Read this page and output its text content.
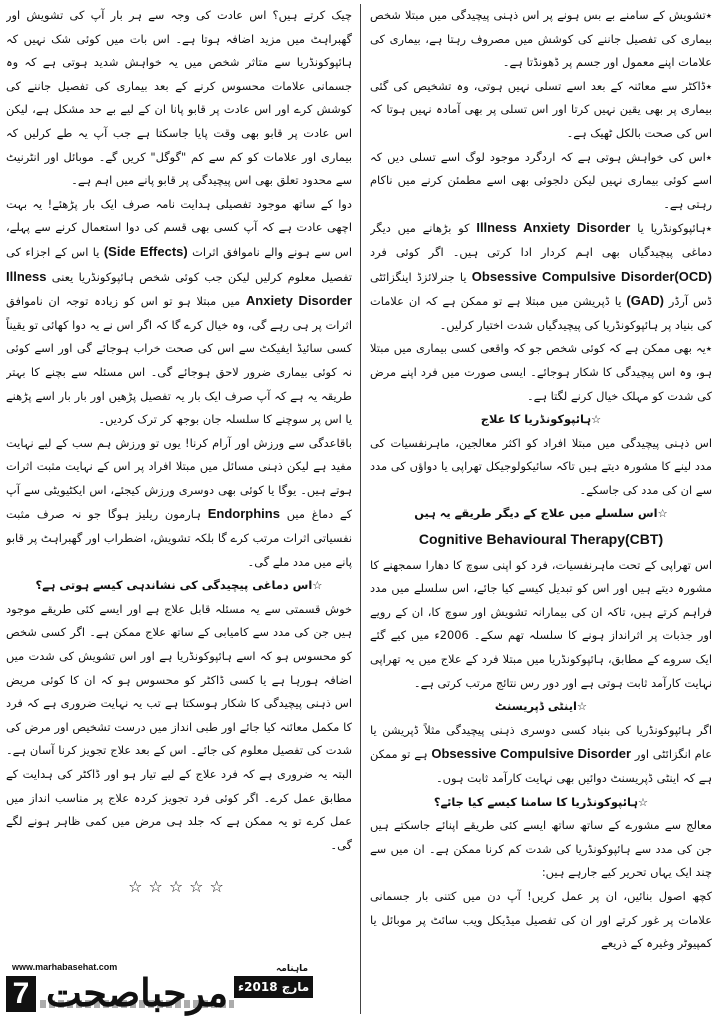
٭تشویش کے سامنے بے بس ہونے پر اس ذہنی پیچیدگی میں مبتلا شخص بیماری کی تفصیل جاننے کی کوشش میں مصروف رہتا ہے، بیماری کی علامات اپنے معمول اور جسم پر ڈھونڈتا ہے۔

٭ڈاکٹر سے معائنہ کے بعد اسے تسلی نہیں ہوتی، وہ تشخیص کی گئی بیماری پر بھی یقین نہیں کرتا اور اس تسلی پر بھی آمادہ نہیں ہوتا کہ اس کی صحت بالکل ٹھیک ہے۔

٭اس کی خواہش ہوتی ہے کہ اردگرد موجود لوگ اسے تسلی دیں کہ اسے کوئی بیماری نہیں لیکن دلجوئی بھی اسے مطمئن کرنے میں ناکام رہتی ہے۔

٭ہائپوکونڈریا یا Illness Anxiety Disorder کو بڑھانے میں دیگر دماغی پیچیدگیاں بھی اہم کردار ادا کرتی ہیں۔ اگر کوئی فرد Obsessive Compulsive Disorder(OCD) یا جنرلائزڈ اینگزائٹی ڈس آرڈر (GAD) یا ڈپریشن میں مبتلا ہے تو ممکن ہے کہ ان علامات کی بنیاد پر ہائپوکونڈریا کی پیچیدگیاں شدت اختیار کرلیں۔

٭یہ بھی ممکن ہے کہ کوئی شخص جو کہ واقعی کسی بیماری میں مبتلا ہو، وہ اس پیچیدگی کا شکار ہوجائے۔ ایسی صورت میں فرد اپنے مرض کی شدت کو مہلک خیال کرنے لگتا ہے۔

☆ہائپوکونڈریا کا علاج

اس ذہنی پیچیدگی میں مبتلا افراد کو اکثر معالجین، ماہرنفسیات کی مدد لینے کا مشورہ دیتے ہیں تاکہ سائیکولوجیکل تھراپی یا دواؤں کی مدد سے ان کی مدد کی جاسکے۔

☆اس سلسلے میں علاج کے دیگر طریقے یہ ہیں

Cognitive Behavioural Therapy(CBT)

اس تھراپی کے تحت ماہرنفسیات، فرد کو اپنی سوچ کا دھارا سمجھنے کا مشورہ دیتے ہیں اور اس کو تبدیل کیسے کیا جائے، اس سلسلے میں مدد فراہم کرتے ہیں، تاکہ ان کی بیمارانہ تشویش اور سوچ کا، ان کے رویے اور جذبات پر اثرانداز ہونے کا سلسلہ تھم سکے۔ 2006ء میں کیے گئے ایک سروے کے مطابق، ہائپوکونڈریا میں مبتلا فرد کے علاج میں یہ تھراپی نہایت کارآمد ثابت ہوتی ہے اور دور رس نتائج مرتب کرتی ہے۔

☆اینٹی ڈپریسنٹ

اگر ہائپوکونڈریا کی بنیاد کسی دوسری ذہنی پیچیدگی مثلاً ڈپریشن یا عام انگزائٹی اور Obsessive Compulsive Disorder ہے تو ممکن ہے کہ اینٹی ڈپریسنٹ دوائیں بھی نہایت کارآمد ثابت ہوں۔

☆ہائپوکونڈریا کا سامنا کیسے کیا جائے؟

معالج سے مشورے کے ساتھ ساتھ ایسے کئی طریقے اپنائے جاسکتے ہیں جن کی مدد سے ہائپوکونڈریا کی شدت کم کرنا ممکن ہے۔ ان میں سے چند ایک یہاں تحریر کیے جارہے ہیں:

کچھ اصول بنائیں، ان پر عمل کریں! آپ دن میں کتنی بار جسمانی علامات پر غور کرتے اور ان کی تفصیل میڈیکل ویب سائٹ پر موبائل یا کمپیوٹر وغیرہ کے ذریعے

چیک کرتے ہیں؟ اس عادت کی وجہ سے ہر بار آپ کی تشویش اور گھبراہٹ میں مزید اضافہ ہوتا ہے۔ اس بات میں کوئی شک نہیں کہ ہائپوکونڈریا سے متاثر شخص میں یہ خواہش شدید ہوتی ہے کہ وہ جسمانی علامات محسوس کرنے کے بعد بیماری کی تفصیل جاننے کی کوشش کرے اور اس عادت پر قابو پانا ان کے لیے بے حد مشکل ہے، لیکن اس عادت پر قابو بھی وقت پایا جاسکتا ہے جب آپ یہ طے کرلیں کہ بیماری اور علامات کو کم سے کم "گوگل" کریں گے۔ موبائل اور انٹرنیٹ سے محدود تعلق بھی اس پیچیدگی پر قابو پانے میں اہم ہے۔

دوا کے ساتھ موجود تفصیلی ہدایت نامہ صرف ایک بار پڑھئے! یہ بہت اچھی عادت ہے کہ آپ کسی بھی قسم کی دوا استعمال کرنے سے پہلے، اس سے ہونے والے ناموافق اثرات (Side Effects) یا اس کے اجزاء کی تفصیل معلوم کرلیں لیکن جب کوئی شخص ہائپوکونڈریا یعنی Illness Anxiety Disorder میں مبتلا ہو تو اس کو زیادہ توجہ ان ناموافق اثرات پر ہی رہے گی، وہ خیال کرے گا کہ اگر اس نے یہ دوا کھائی تو یقیناً کسی سائیڈ ایفیکٹ سے اس کی صحت خراب ہوجائے گی اور اسے کوئی نہ کوئی بیماری ضرور لاحق ہوجائے گی۔ اس مسئلہ سے بچنے کا بہتر طریقہ یہ ہے کہ آپ صرف ایک بار یہ تفصیل پڑھیں اور بار بار اسے پڑھنے یا اس پر سوچنے کا سلسلہ جان بوجھ کر ترک کردیں۔

باقاعدگی سے ورزش اور آرام کرنا! یوں تو ورزش ہم سب کے لیے نہایت مفید ہے لیکن ذہنی مسائل میں مبتلا افراد پر اس کے نہایت مثبت اثرات ہوتے ہیں۔ یوگا یا کوئی بھی دوسری ورزش کیجئے، اس ایکٹیویٹی سے آپ کے دماغ میں Endorphins ہارمون ریلیز ہوگا جو نہ صرف مثبت نفسیاتی اثرات مرتب کرے گا بلکہ تشویش، اضطراب اور گھبراہٹ پر قابو پانے میں مدد ملے گی۔

☆اس دماغی پیچیدگی کی نشاندہی کیسے ہوتی ہے؟

خوش قسمتی سے یہ مسئلہ قابل علاج ہے اور ایسے کئی طریقے موجود ہیں جن کی مدد سے کامیابی کے ساتھ علاج ممکن ہے۔ اگر کسی شخص کو محسوس ہو کہ اسے ہائپوکونڈریا ہے اور اس تشویش کی شدت میں اضافہ ہورہا ہے یا کسی ڈاکٹر کو محسوس ہو کہ ان کا کوئی مریض اس ذہنی پیچیدگی کا شکار ہوسکتا ہے تب یہ نہایت ضروری ہے کہ فرد کا مکمل معائنہ کیا جائے اور طبی انداز میں درست تشخیص اور مرض کی شدت کی تفصیل معلوم کی جائے۔ اس کے بعد علاج تجویز کرنا آسان ہے۔ البتہ یہ ضروری ہے کہ فرد علاج کے لیے تیار ہو اور ڈاکٹر کی ہدایت کے مطابق عمل کرے۔ اگر کوئی فرد تجویز کردہ علاج پر مناسب انداز میں عمل کرے تو یہ ممکن ہے کہ جلد ہی مرض میں کمی ظاہر ہونے لگے گی۔

☆☆☆☆☆
www.marhabasehat.com
7 مرحباصحت
ماہنامہ
مارچ 2018ء
